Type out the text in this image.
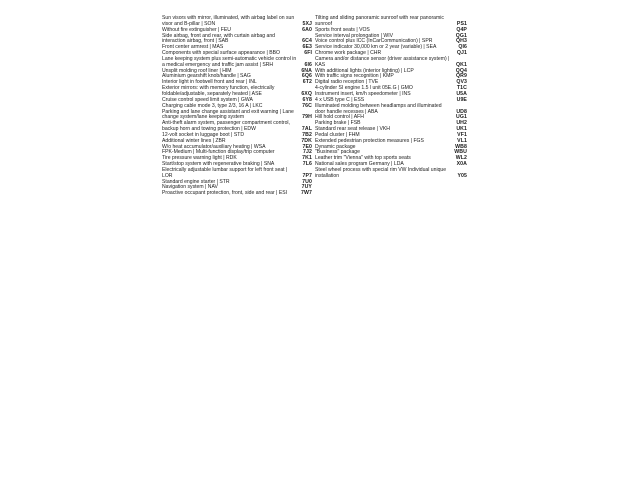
Sun visors with mirror, illuminated, with airbag label on sun visor and B-pillar | SON	5XJ
Without fire extinguisher | FEU	6A0
Side airbag, front and rear, with curtain airbag and interaction airbag, front | SAB	6C4
Front center armrest | MAS	6E3
Components with special surface appearance | BBO	6FI
Lane keeping system plus semi-automatic vehicle control in a medical emergency and traffic jam assist | SRH	6I6
Unsplit molding roof liner | HIM	6NA
Aluminium gearshift knob/handle | SAG	6Q6
Interior light in footwell front and rear | INL	6T2
Exterior mirrors: with memory function, electrically foldable/adjustable, separately heated | ASE	6XQ
Cruise control speed limit system | GWA	6Y8
Charging cable mode 3, type 2/3, 16 A | LKC	76C
Parking and lane change assistant and exit warning | Lane change system/lane keeping system	79H
Anti-theft alarm system, passenger compartment control, backup horn and towing protection | EDW	7AL
12-volt socket in luggage boot | STD	7B2
Additional winter lines | ZBR	7DK
W/o heat accumulator/auxiliary heating | WSA	7E0
FPK-Medium | Multi-function display/trip computer	7J2
Tire pressure warning light | RDK	7K1
Start/stop system with regenerative braking | SNA	7L6
Electrically adjustable lumbar support for left front seat | LOR	7P7
Standard engine starter | STR	7U0
Navigation system | NAV	7UY
Proactive occupant protection, front, side and rear | ESI	7W7
Tilting and sliding panoramic sunroof with rear panoramic sunroof	PS1
Sports front seats | VOS	Q4P
Service interval prolongation | WIV	QG1
Voice control plus ICC (InCarCommunication) | SPR	QH3
Service indicator 30,000 km or 2 year (variable) | SEA	QI6
Chrome work package | CHR	QJ1
Camera and/or distance sensor (driver assistance system) | KAS	QK1
With additional lights (interior lighting) | LCP	QQ4
With traffic signs recognition | KMP	QR9
Digital radio reception | TVE	QV3
4-cylinder SI engine 1.5 l unit 05E.G | GMO	T1C
Instrument insert, km/h speedometer | INS	U5A
4 x USB type C | ESS	U9E
Illuminated molding between headlamps and illuminated door handle recesses | ABA	UD8
Hill hold control | AFH	UG1
Parking brake | FSB	UH2
Standard rear seat release | VKH	UK1
Pedal cluster | FHM	VF1
Extended pedestrian protection measures | FGS	VL1
Dynamic package	WB8
"Business" package	WBU
Leather trim "Vienna" with top sports seats	WL2
National sales program Germany | LDA	X0A
Steel wheel process with special rim VW Individual unique installation	Y05
